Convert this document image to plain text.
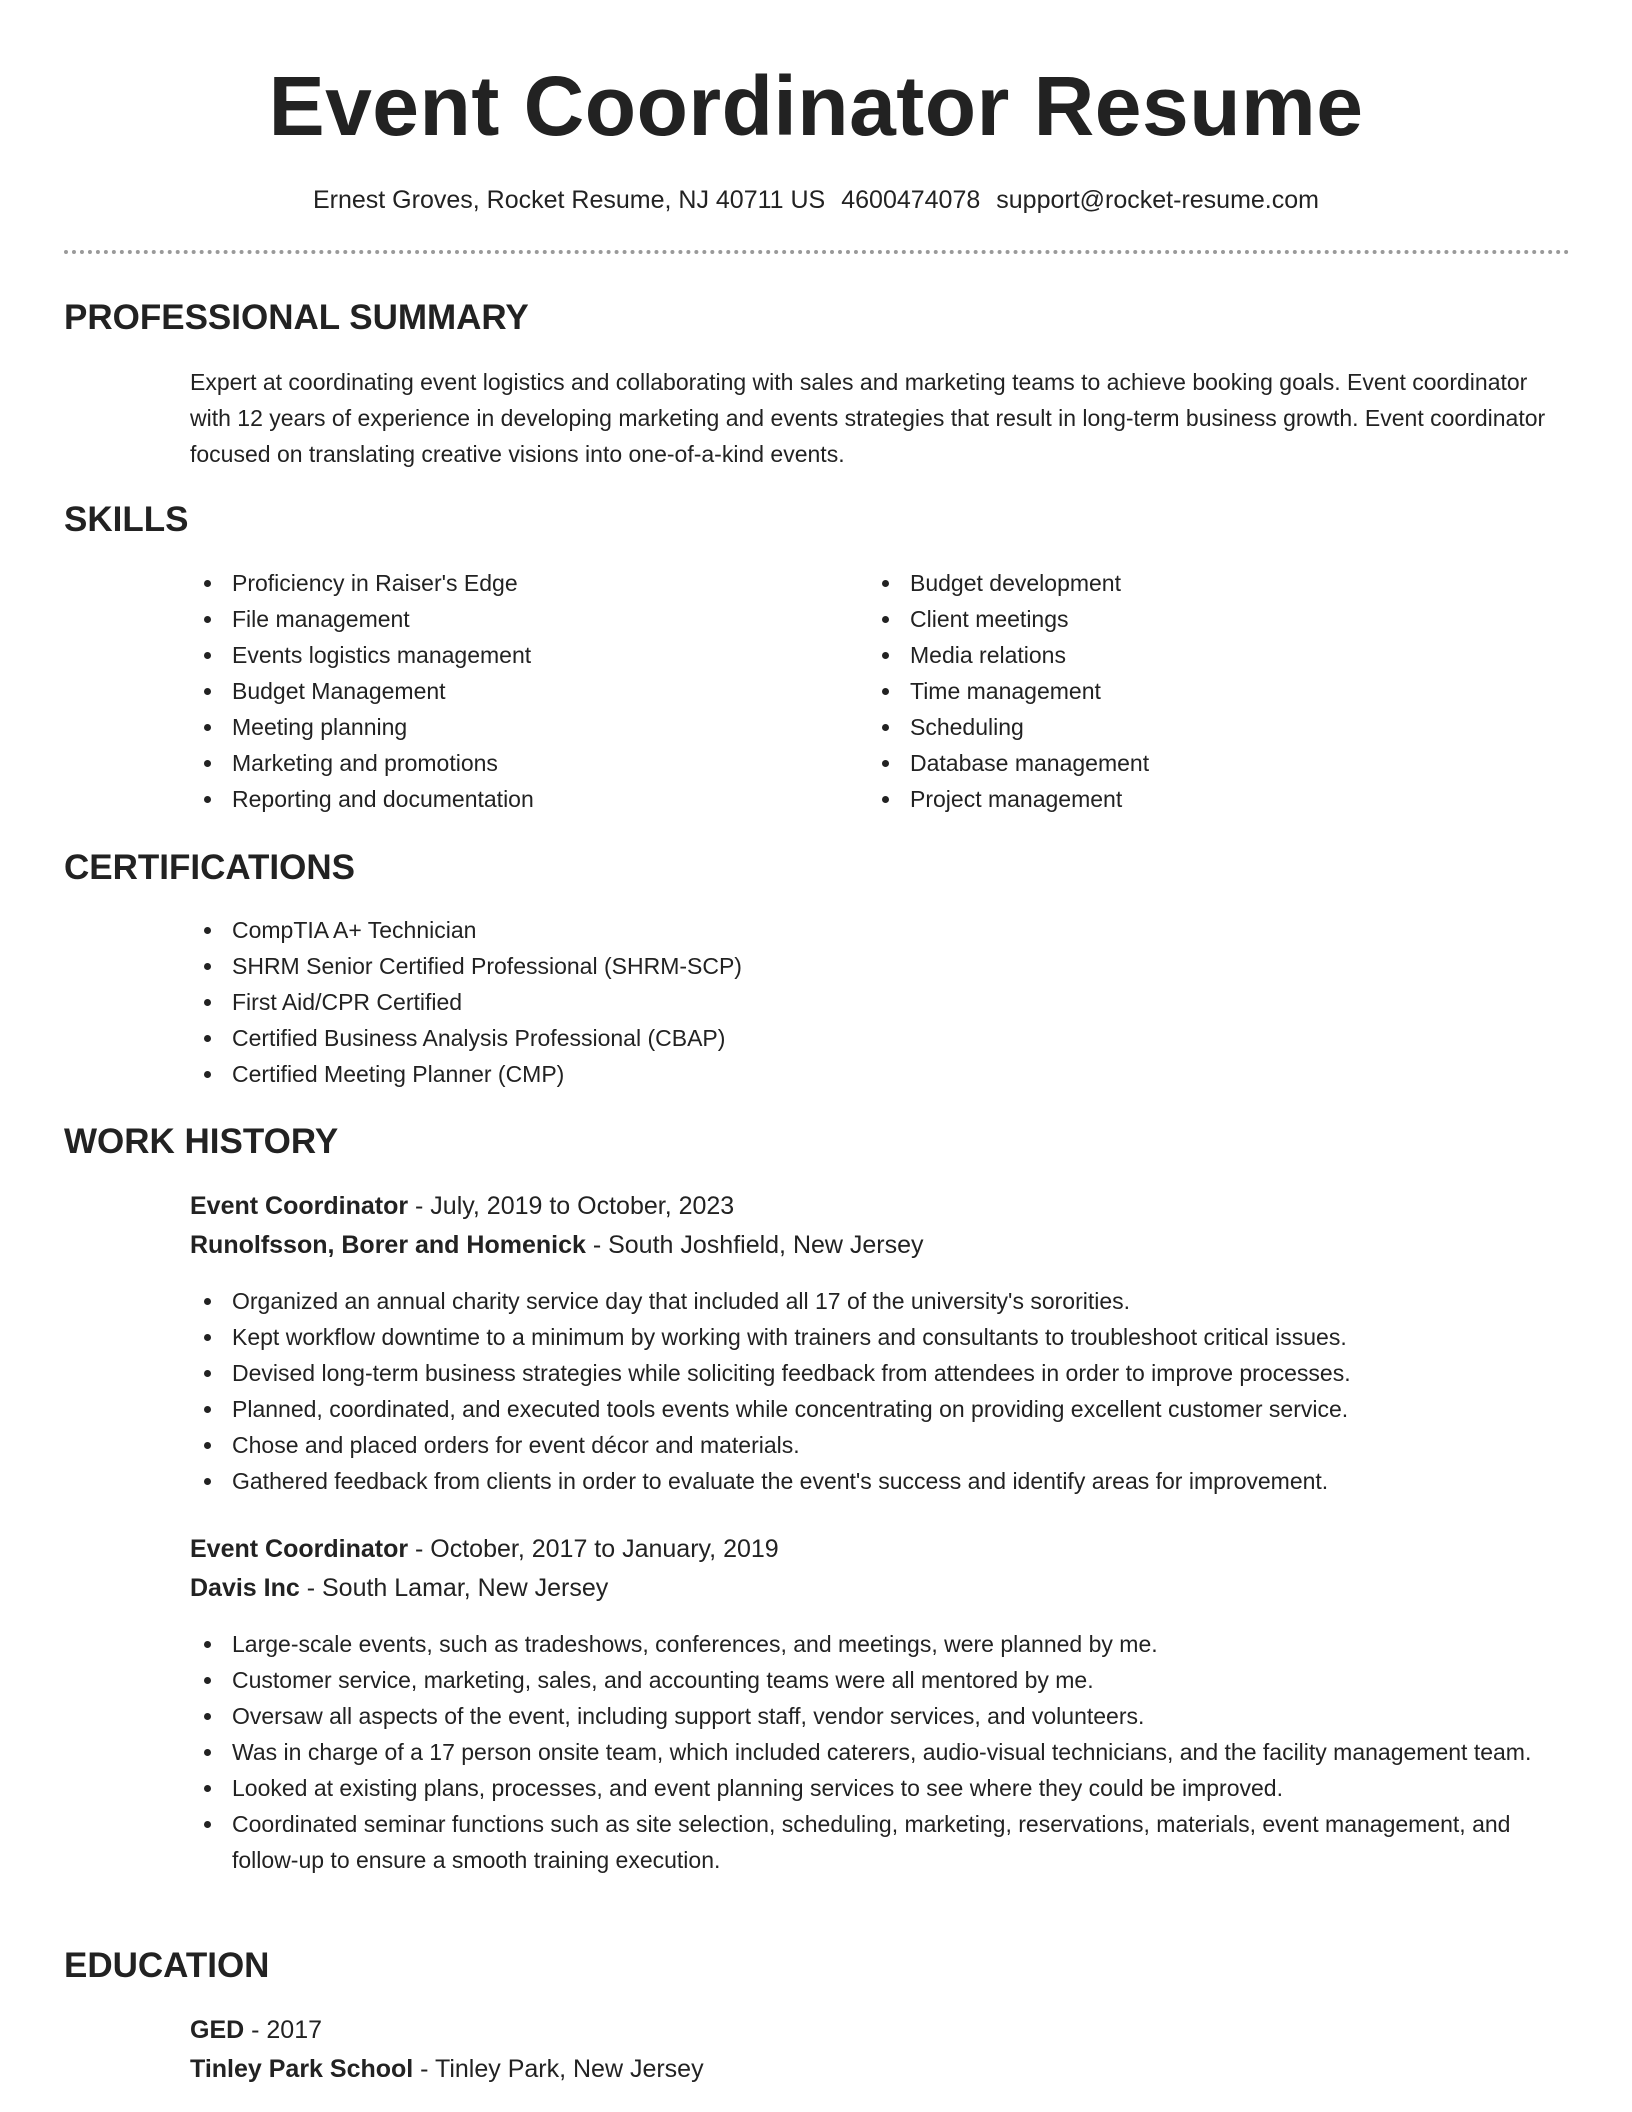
Event Coordinator Resume
Ernest Groves, Rocket Resume, NJ 40711 US 4600474078 support@rocket-resume.com
PROFESSIONAL SUMMARY

Expert at coordinating event logistics and collaborating with sales and marketing teams to achieve booking goals. Event coordinator with 12 years of experience in developing marketing and events strategies that result in long-term business growth. Event coordinator focused on translating creative visions into one-of-a-kind events.

SKILLS
Proficiency in Raiser's Edge
File management
Events logistics management
Budget Management
Meeting planning
Marketing and promotions
Reporting and documentation
Budget development
Client meetings
Media relations
Time management
Scheduling
Database management
Project management
CERTIFICATIONS
CompTIA A+ Technician
SHRM Senior Certified Professional (SHRM-SCP)
First Aid/CPR Certified
Certified Business Analysis Professional (CBAP)
Certified Meeting Planner (CMP)
WORK HISTORY

Event Coordinator - July, 2019 to October, 2023

Runolfsson, Borer and Homenick - South Joshfield, New Jersey

Organized an annual charity service day that included all 17 of the university's sororities.
Kept workflow downtime to a minimum by working with trainers and consultants to troubleshoot critical issues.
Devised long-term business strategies while soliciting feedback from attendees in order to improve processes.
Planned, coordinated, and executed tools events while concentrating on providing excellent customer service.
Chose and placed orders for event décor and materials.
Gathered feedback from clients in order to evaluate the event's success and identify areas for improvement.

Event Coordinator - October, 2017 to January, 2019

Davis Inc - South Lamar, New Jersey

Large-scale events, such as tradeshows, conferences, and meetings, were planned by me.
Customer service, marketing, sales, and accounting teams were all mentored by me.
Oversaw all aspects of the event, including support staff, vendor services, and volunteers.
Was in charge of a 17 person onsite team, which included caterers, audio-visual technicians, and the facility management team.
Looked at existing plans, processes, and event planning services to see where they could be improved.
Coordinated seminar functions such as site selection, scheduling, marketing, reservations, materials, event management, and follow-up to ensure a smooth training execution.
EDUCATION

GED - 2017

Tinley Park School - Tinley Park, New Jersey
